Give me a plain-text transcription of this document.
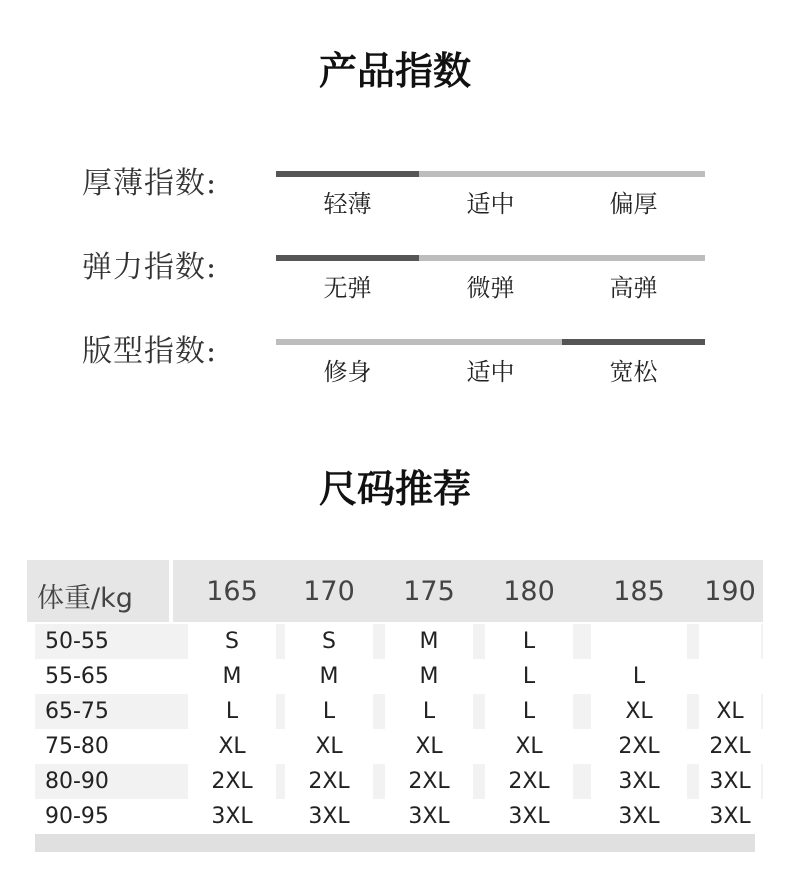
产品指数
厚薄指数:
轻薄	适中	偏厚
弹力指数:
无弹	微弹	高弹
版型指数:
修身	适中	宽松
尺码推荐
体重/kg	165	170	175	180	185	190
50-55	S	S	M	L
55-65	M	M	M	L	L
65-75	L	L	L	L	XL	XL
75-80	XL	XL	XL	XL	2XL	2XL
80-90	2XL	2XL	2XL	2XL	3XL	3XL
90-95	3XL	3XL	3XL	3XL	3XL	3XL
